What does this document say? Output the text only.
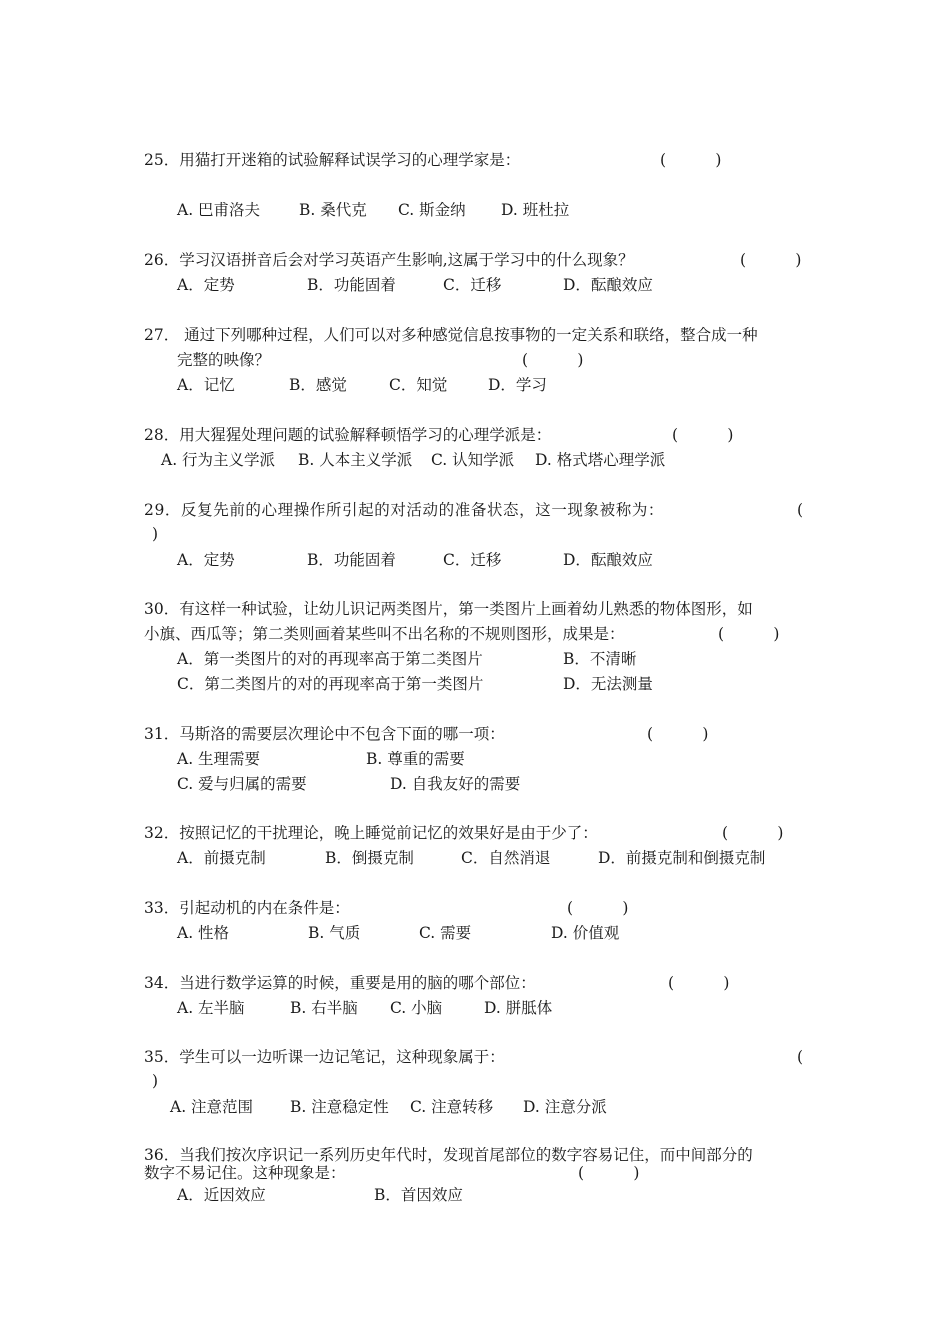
25．用猫打开迷箱的试验解释试误学习的心理学家是：	(          )
A. 巴甫洛夫	B. 桑代克 C. 斯金纳 D. 班杜拉
26．学习汉语拼音后会对学习英语产生影响,这属于学习中的什么现象？	(          )
A．定势	B．功能固着	C．迁移	D．酝酿效应
27． 通过下列哪种过程，人们可以对多种感觉信息按事物的一定关系和联络，整合成一种
完整的映像？	(          )
A．记忆	B．感觉	C．知觉	D．学习
28．用大猩猩处理问题的试验解释顿悟学习的心理学派是：	(          )
A. 行为主义学派 B. 人本主义学派 C. 认知学派 D. 格式塔心理学派
29．反复先前的心理操作所引起的对活动的准备状态，这一现象被称为：	(
)
A．定势	B．功能固着	C．迁移	D．酝酿效应
30．有这样一种试验，让幼儿识记两类图片，第一类图片上画着幼儿熟悉的物体图形，如
小旗、西瓜等；第二类则画着某些叫不出名称的不规则图形，成果是：	(          )
A．第一类图片的对的再现率高于第二类图片	B．不清晰
C．第二类图片的对的再现率高于第一类图片	D．无法测量
31．马斯洛的需要层次理论中不包含下面的哪一项：	(          )
A. 生理需要	B. 尊重的需要
C. 爱与归属的需要	D. 自我友好的需要
32．按照记忆的干扰理论，晚上睡觉前记忆的效果好是由于少了：	(          )
A．前摄克制	B．倒摄克制	C．自然消退	D．前摄克制和倒摄克制
33．引起动机的内在条件是：	(          )
A. 性格	B. 气质	C. 需要	D. 价值观
34．当进行数学运算的时候，重要是用的脑的哪个部位：	(          )
A. 左半脑	B. 右半脑 C. 小脑	D. 胼胝体
35．学生可以一边听课一边记笔记，这种现象属于：	(
)
A. 注意范围 B. 注意稳定性 C. 注意转移 D. 注意分派
36．当我们按次序识记一系列历史年代时，发现首尾部位的数字容易记住，而中间部分的
数字不易记住。这种现象是：	(          )
A．近因效应	B．首因效应
